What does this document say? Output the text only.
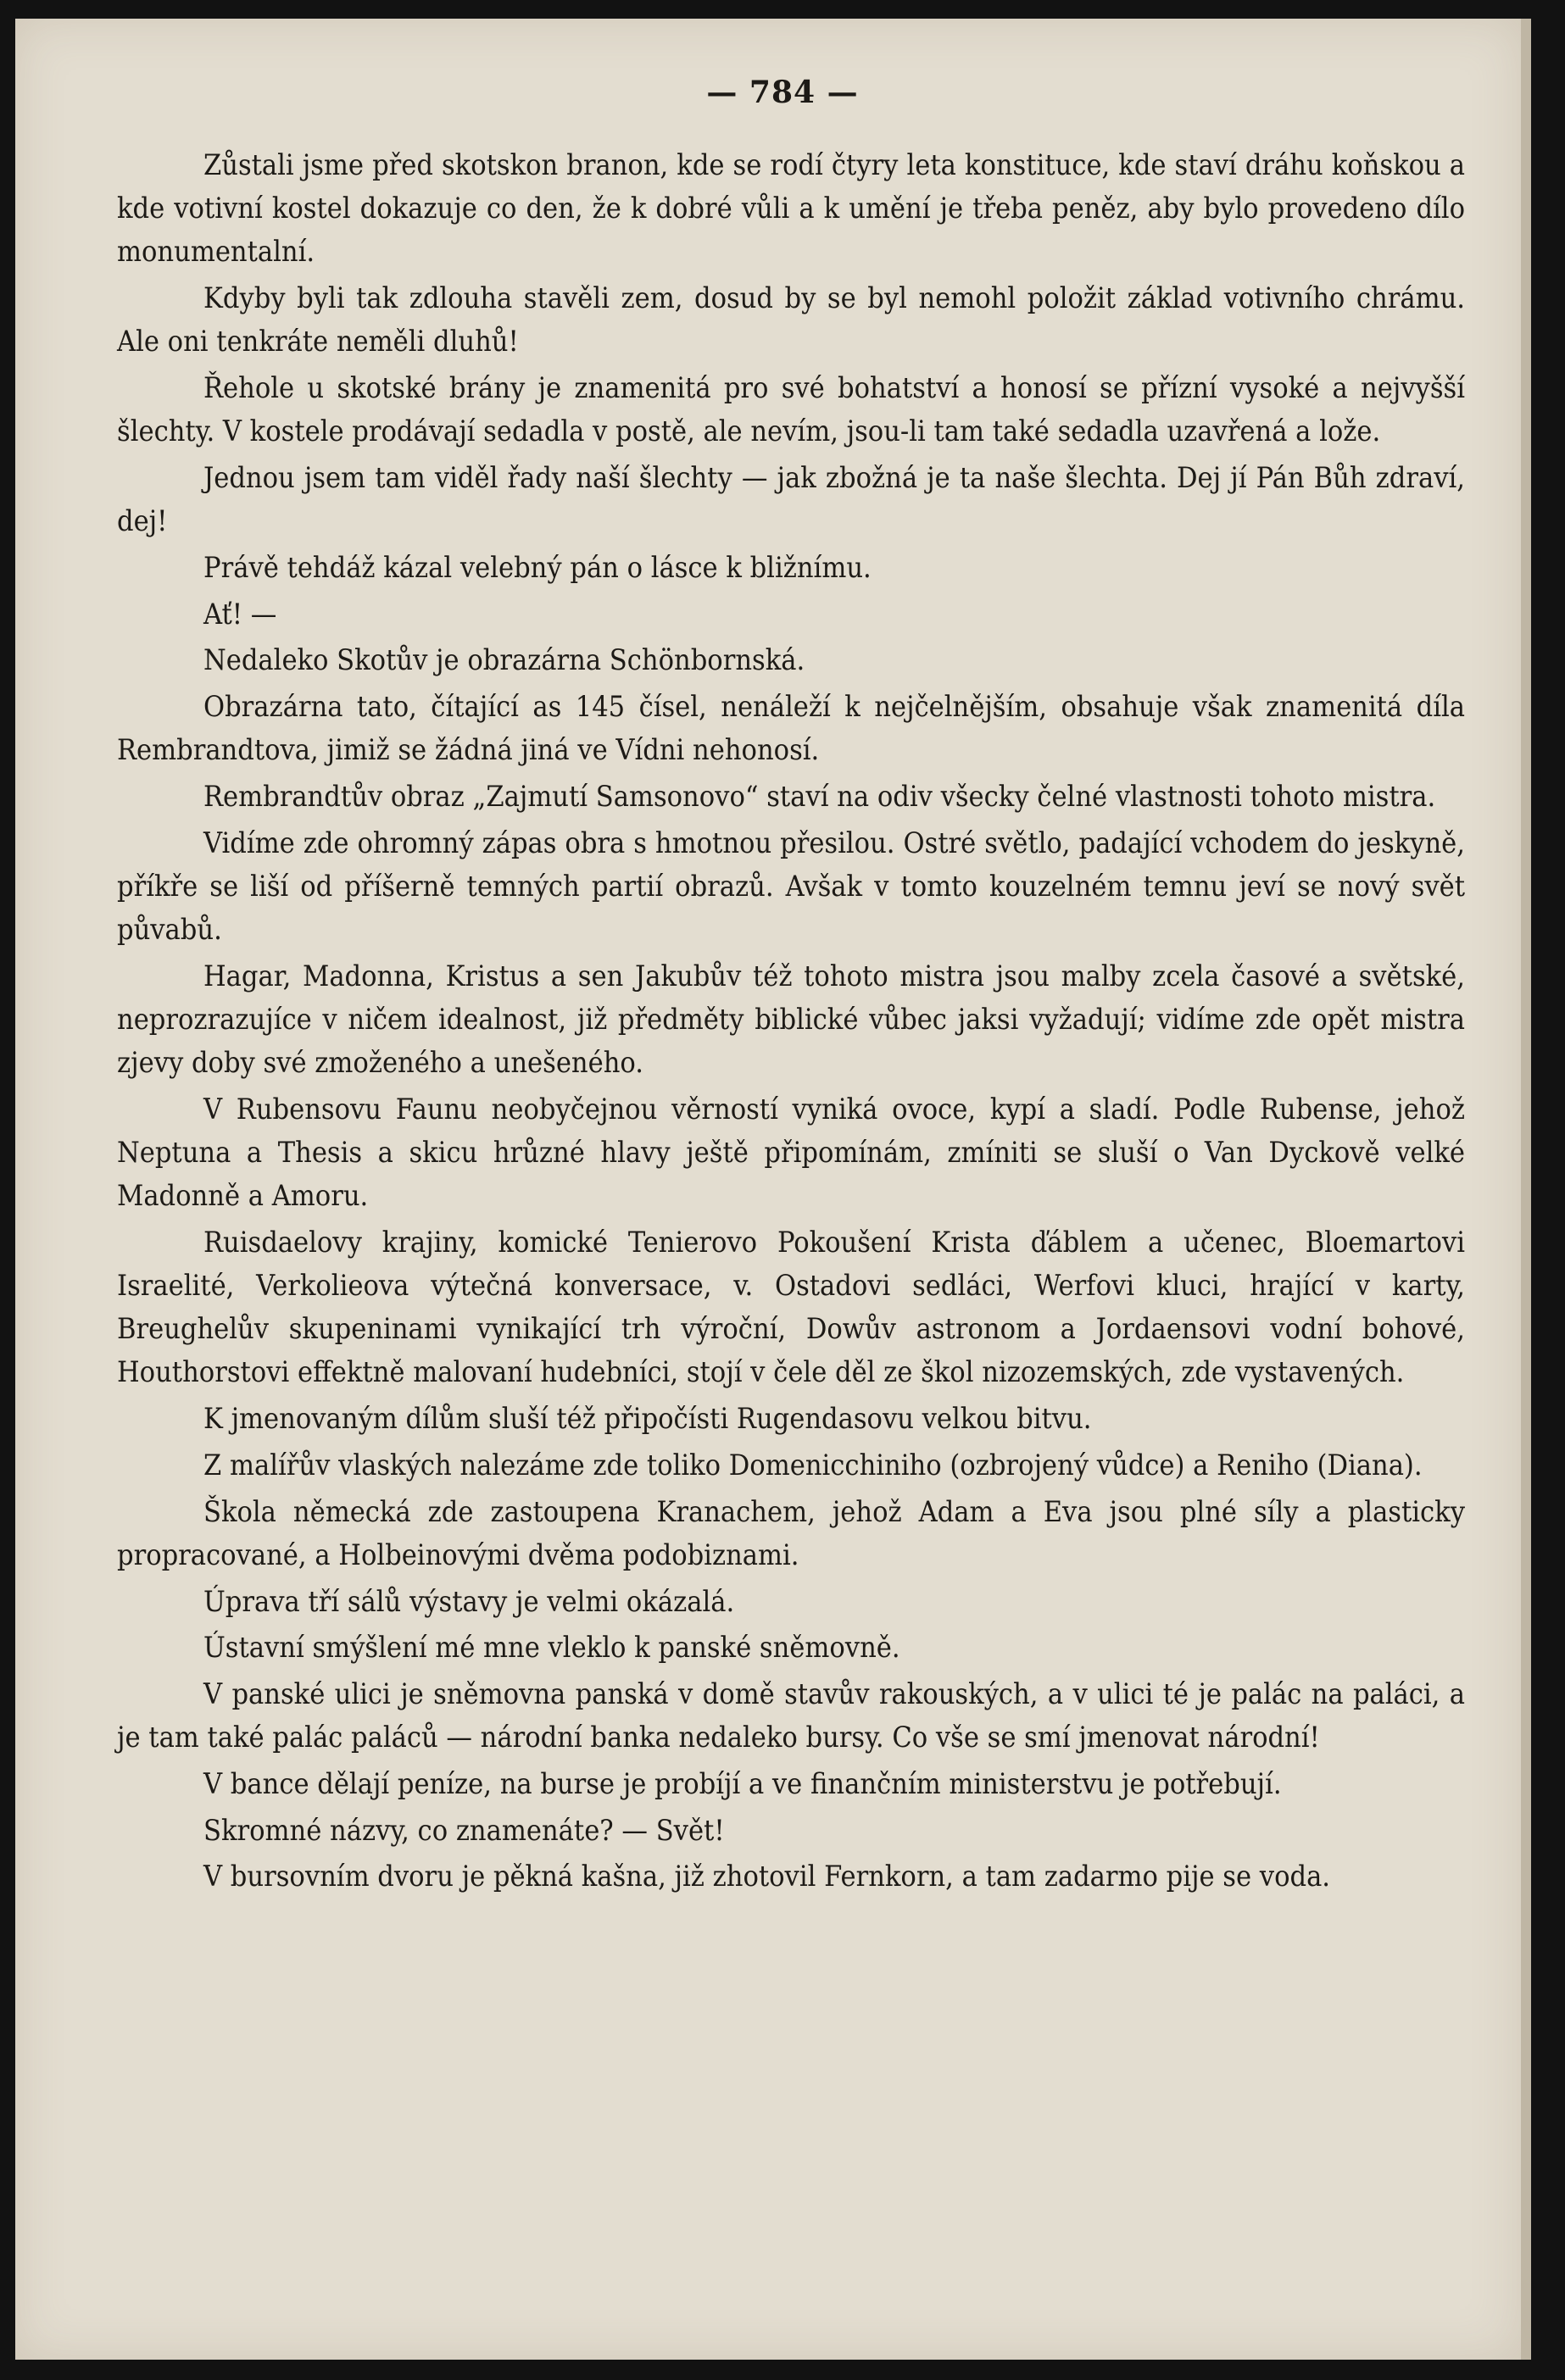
— 784 —

Zůstali jsme před skotskon branon, kde se rodí čtyry leta konstituce, kde staví dráhu koňskou a kde votivní kostel dokazuje co den, že k dobré vůli a k umění je třeba peněz, aby bylo provedeno dílo monumentalní.

Kdyby byli tak zdlouha stavěli zem, dosud by se byl nemohl položit základ votivního chrámu. Ale oni tenkráte neměli dluhů!

Řehole u skotské brány je znamenitá pro své bohatství a honosí se přízní vysoké a nejvyšší šlechty. V kostele prodávají sedadla v postě, ale nevím, jsou-li tam také sedadla uzavřená a lože.

Jednou jsem tam viděl řady naší šlechty — jak zbožná je ta naše šlechta. Dej jí Pán Bůh zdraví, dej!

Právě tehdáž kázal velebný pán o lásce k bližnímu.

Ať! —

Nedaleko Skotův je obrazárna Schönbornská.

Obrazárna tato, čítající as 145 čísel, nenáleží k nejčelnějším, obsahuje však znamenitá díla Rembrandtova, jimiž se žádná jiná ve Vídni nehonosí.

Rembrandtův obraz „Zajmutí Samsonovo“ staví na odiv všecky čelné vlastnosti tohoto mistra.

Vidíme zde ohromný zápas obra s hmotnou přesilou. Ostré světlo, padající vchodem do jeskyně, příkře se liší od příšerně temných partií obrazů. Avšak v tomto kouzelném temnu jeví se nový svět půvabů.

Hagar, Madonna, Kristus a sen Jakubův též tohoto mistra jsou malby zcela časové a světské, neprozrazujíce v ničem idealnost, již předměty biblické vůbec jaksi vyžadují; vidíme zde opět mistra zjevy doby své zmoženého a unešeného.

V Rubensovu Faunu neobyčejnou věrností vyniká ovoce, kypí a sladí. Podle Rubense, jehož Neptuna a Thesis a skicu hrůzné hlavy ještě připomínám, zmíniti se sluší o Van Dyckově velké Madonně a Amoru.

Ruisdaelovy krajiny, komické Tenierovo Pokoušení Krista ďáblem a učenec, Bloemartovi Israelité, Verkolieova výtečná konversace, v. Ostadovi sedláci, Werfovi kluci, hrající v karty, Breughelův skupeninami vynikající trh výroční, Dowův astronom a Jordaensovi vodní bohové, Houthorstovi effektně malovaní hudebníci, stojí v čele děl ze škol nizozemských, zde vystavených.

K jmenovaným dílům sluší též připočísti Rugendasovu velkou bitvu.

Z malířův vlaských nalezáme zde toliko Domenicchiniho (ozbrojený vůdce) a Reniho (Diana).

Škola německá zde zastoupena Kranachem, jehož Adam a Eva jsou plné síly a plasticky propracované, a Holbeinovými dvěma podobiznami.

Úprava tří sálů výstavy je velmi okázalá.

Ústavní smýšlení mé mne vleklo k panské sněmovně.

V panské ulici je sněmovna panská v domě stavův rakouských, a v ulici té je palác na paláci, a je tam také palác paláců — národní banka nedaleko bursy. Co vše se smí jmenovat národní!

V bance dělají peníze, na burse je probíjí a ve finančním ministerstvu je potřebují.

Skromné názvy, co znamenáte? — Svět!

V bursovním dvoru je pěkná kašna, již zhotovil Fernkorn, a tam zadarmo pije se voda.
